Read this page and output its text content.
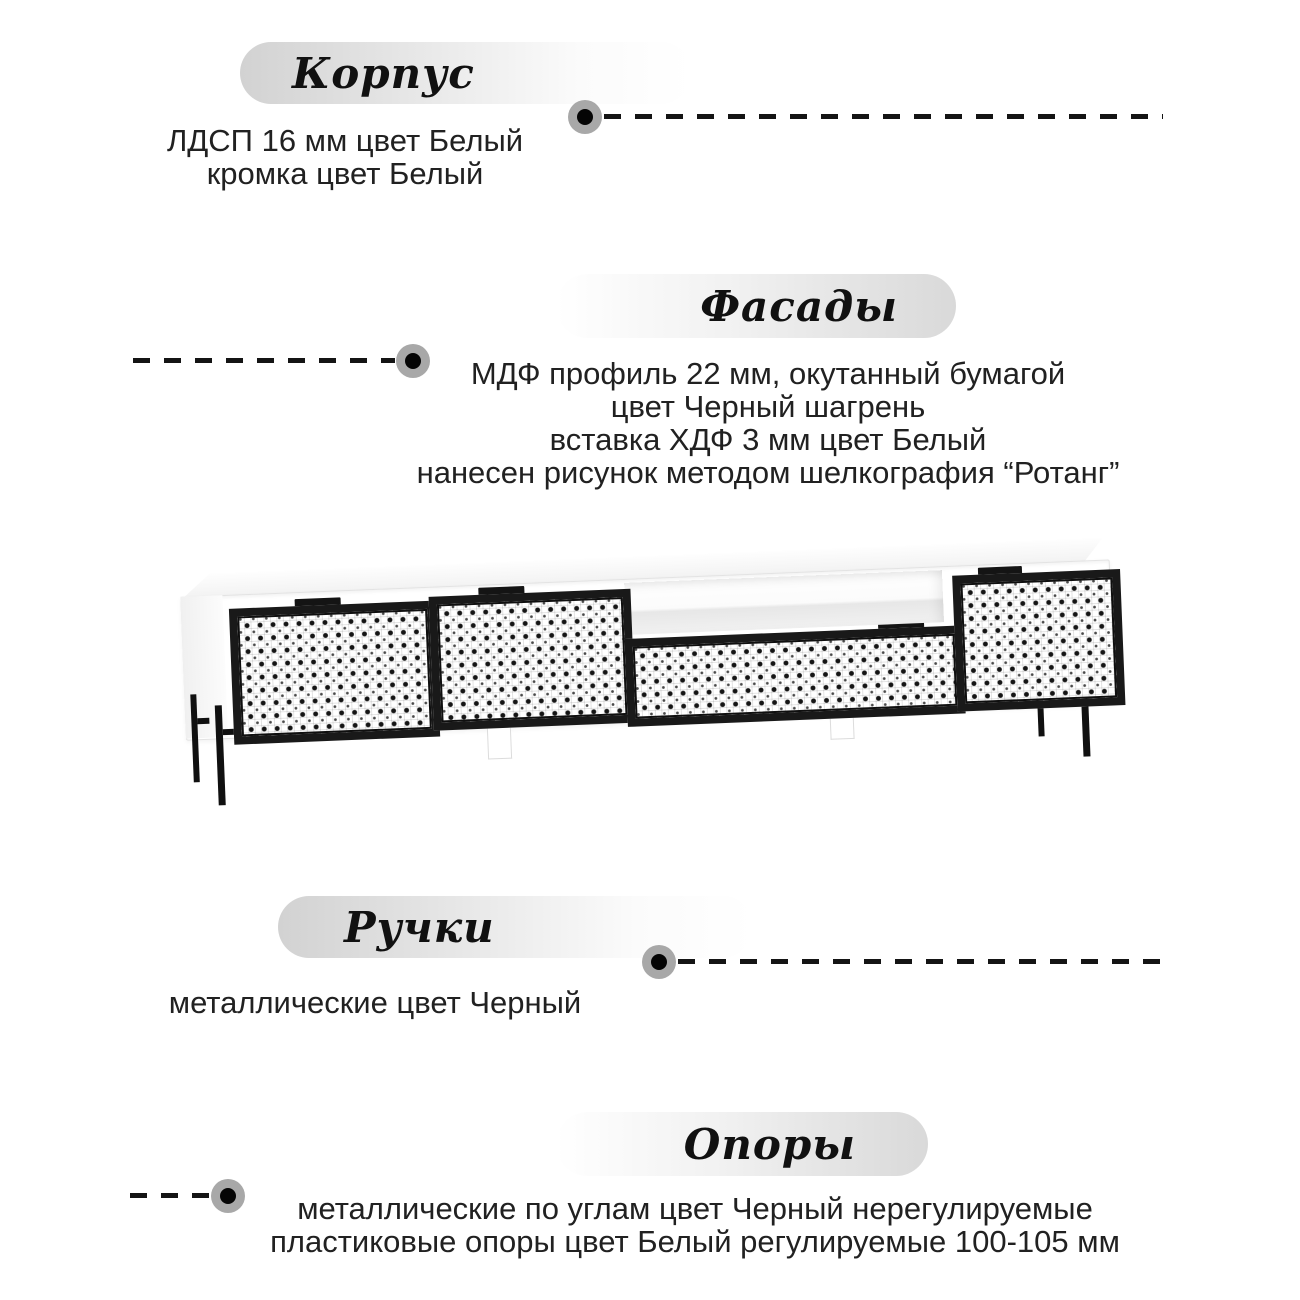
Корпус
ЛДСП 16 мм цвет Белый
кромка цвет Белый
Фасады
МДФ профиль 22 мм, окутанный бумагой
цвет Черный шагрень
вставка ХДФ 3 мм цвет Белый
нанесен рисунок методом шелкография “Ротанг”
Ручки
металлические цвет Черный
Опоры
металлические по углам цвет Черный нерегулируемые
пластиковые опоры цвет Белый регулируемые 100-105 мм
